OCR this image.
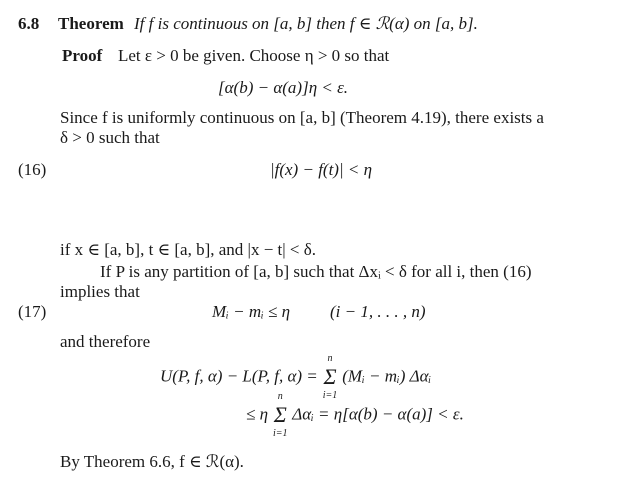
6.8 Theorem If f is continuous on [a, b] then f ∈ ℛ(α) on [a, b].
Proof Let ε > 0 be given. Choose η > 0 so that
[α(b) − α(a)]η < ε.
Since f is uniformly continuous on [a, b] (Theorem 4.19), there exists a
δ > 0 such that
(16)	|f(x) − f(t)| < η
if x ∈ [a, b], t ∈ [a, b], and |x − t| < δ.
If P is any partition of [a, b] such that Δxᵢ < δ for all i, then (16)
implies that
(17)	Mᵢ − mᵢ ≤ η (i − 1, . . . , n)
and therefore
U(P, f, α) − L(P, f, α) =
n
Σ
i=1
(Mᵢ − mᵢ) Δαᵢ
≤ η
n
Σ
i=1
Δαᵢ = η[α(b) − α(a)] < ε.
By Theorem 6.6, f ∈ ℛ(α).
